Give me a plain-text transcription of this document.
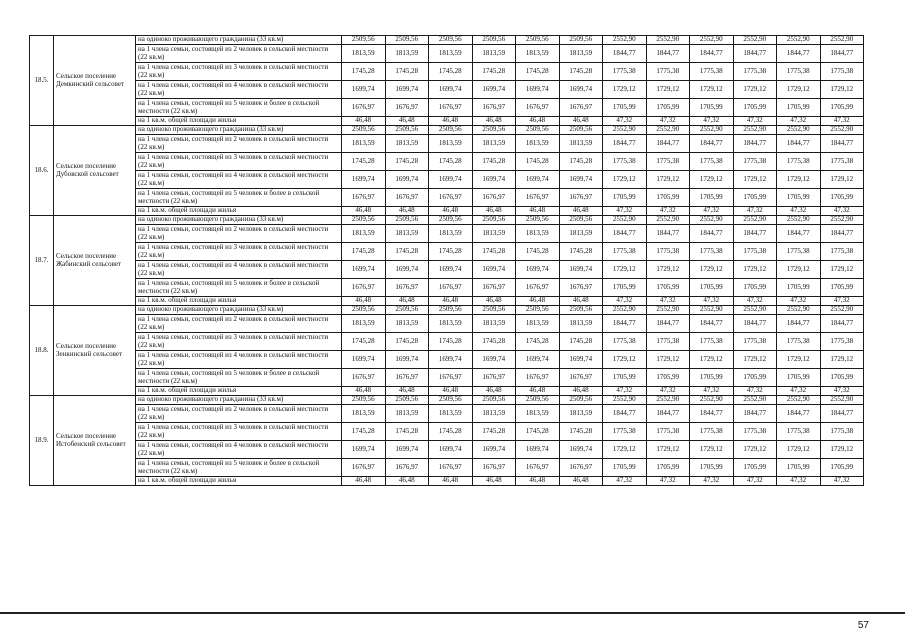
18.5.	Сельское поселение Демкинский сельсовет	на одиноко проживающего гражданина (33 кв.м)	2509,56	2509,56	2509,56	2509,56	2509,56	2509,56	2552,90	2552,90	2552,90	2552,90	2552,90	2552,90
		на 1 члена семьи, состоящей из 2 человек в сельской местности (22 кв.м)	1813,59	1813,59	1813,59	1813,59	1813,59	1813,59	1844,77	1844,77	1844,77	1844,77	1844,77	1844,77
		на 1 члена семьи, состоящей из 3 человек в сельской местности (22 кв.м)	1745,28	1745,28	1745,28	1745,28	1745,28	1745,28	1775,38	1775,38	1775,38	1775,38	1775,38	1775,38
		на 1 члена семьи, состоящей из 4 человек в сельской местности (22 кв.м)	1699,74	1699,74	1699,74	1699,74	1699,74	1699,74	1729,12	1729,12	1729,12	1729,12	1729,12	1729,12
		на 1 члена семьи, состоящей из 5 человек и более в сельской местности (22 кв.м)	1676,97	1676,97	1676,97	1676,97	1676,97	1676,97	1705,99	1705,99	1705,99	1705,99	1705,99	1705,99
		на 1 кв.м. общей площади жилья	46,48	46,48	46,48	46,48	46,48	46,48	47,32	47,32	47,32	47,32	47,32	47,32
18.6.	Сельское поселение Дубовской сельсовет	на одиноко проживающего гражданина (33 кв.м)	2509,56	2509,56	2509,56	2509,56	2509,56	2509,56	2552,90	2552,90	2552,90	2552,90	2552,90	2552,90
		на 1 члена семьи, состоящей из 2 человек в сельской местности (22 кв.м)	1813,59	1813,59	1813,59	1813,59	1813,59	1813,59	1844,77	1844,77	1844,77	1844,77	1844,77	1844,77
		на 1 члена семьи, состоящей из 3 человек в сельской местности (22 кв.м)	1745,28	1745,28	1745,28	1745,28	1745,28	1745,28	1775,38	1775,38	1775,38	1775,38	1775,38	1775,38
		на 1 члена семьи, состоящей из 4 человек в сельской местности (22 кв.м)	1699,74	1699,74	1699,74	1699,74	1699,74	1699,74	1729,12	1729,12	1729,12	1729,12	1729,12	1729,12
		на 1 члена семьи, состоящей из 5 человек и более в сельской местности (22 кв.м)	1676,97	1676,97	1676,97	1676,97	1676,97	1676,97	1705,99	1705,99	1705,99	1705,99	1705,99	1705,99
		на 1 кв.м. общей площади жилья	46,48	46,48	46,48	46,48	46,48	46,48	47,32	47,32	47,32	47,32	47,32	47,32
18.7.	Сельское поселение Жабинский сельсовет	на одиноко проживающего гражданина (33 кв.м)	2509,56	2509,56	2509,56	2509,56	2509,56	2509,56	2552,90	2552,90	2552,90	2552,90	2552,90	2552,90
		на 1 члена семьи, состоящей из 2 человек в сельской местности (22 кв.м)	1813,59	1813,59	1813,59	1813,59	1813,59	1813,59	1844,77	1844,77	1844,77	1844,77	1844,77	1844,77
		на 1 члена семьи, состоящей из 3 человек в сельской местности (22 кв.м)	1745,28	1745,28	1745,28	1745,28	1745,28	1745,28	1775,38	1775,38	1775,38	1775,38	1775,38	1775,38
		на 1 члена семьи, состоящей из 4 человек в сельской местности (22 кв.м)	1699,74	1699,74	1699,74	1699,74	1699,74	1699,74	1729,12	1729,12	1729,12	1729,12	1729,12	1729,12
		на 1 члена семьи, состоящей из 5 человек и более в сельской местности (22 кв.м)	1676,97	1676,97	1676,97	1676,97	1676,97	1676,97	1705,99	1705,99	1705,99	1705,99	1705,99	1705,99
		на 1 кв.м. общей площади жилья	46,48	46,48	46,48	46,48	46,48	46,48	47,32	47,32	47,32	47,32	47,32	47,32
18.8.	Сельское поселение Зенкинский сельсовет	на одиноко проживающего гражданина (33 кв.м)	2509,56	2509,56	2509,56	2509,56	2509,56	2509,56	2552,90	2552,90	2552,90	2552,90	2552,90	2552,90
		на 1 члена семьи, состоящей из 2 человек в сельской местности (22 кв.м)	1813,59	1813,59	1813,59	1813,59	1813,59	1813,59	1844,77	1844,77	1844,77	1844,77	1844,77	1844,77
		на 1 члена семьи, состоящей из 3 человек в сельской местности (22 кв.м)	1745,28	1745,28	1745,28	1745,28	1745,28	1745,28	1775,38	1775,38	1775,38	1775,38	1775,38	1775,38
		на 1 члена семьи, состоящей из 4 человек в сельской местности (22 кв.м)	1699,74	1699,74	1699,74	1699,74	1699,74	1699,74	1729,12	1729,12	1729,12	1729,12	1729,12	1729,12
		на 1 члена семьи, состоящей из 5 человек и более в сельской местности (22 кв.м)	1676,97	1676,97	1676,97	1676,97	1676,97	1676,97	1705,99	1705,99	1705,99	1705,99	1705,99	1705,99
		на 1 кв.м. общей площади жилья	46,48	46,48	46,48	46,48	46,48	46,48	47,32	47,32	47,32	47,32	47,32	47,32
18.9.	Сельское поселение Истобенский сельсовет	на одиноко проживающего гражданина (33 кв.м)	2509,56	2509,56	2509,56	2509,56	2509,56	2509,56	2552,90	2552,90	2552,90	2552,90	2552,90	2552,90
		на 1 члена семьи, состоящей из 2 человек в сельской местности (22 кв.м)	1813,59	1813,59	1813,59	1813,59	1813,59	1813,59	1844,77	1844,77	1844,77	1844,77	1844,77	1844,77
		на 1 члена семьи, состоящей из 3 человек в сельской местности (22 кв.м)	1745,28	1745,28	1745,28	1745,28	1745,28	1745,28	1775,38	1775,38	1775,38	1775,38	1775,38	1775,38
		на 1 члена семьи, состоящей из 4 человек в сельской местности (22 кв.м)	1699,74	1699,74	1699,74	1699,74	1699,74	1699,74	1729,12	1729,12	1729,12	1729,12	1729,12	1729,12
		на 1 члена семьи, состоящей из 5 человек и более в сельской местности (22 кв.м)	1676,97	1676,97	1676,97	1676,97	1676,97	1676,97	1705,99	1705,99	1705,99	1705,99	1705,99	1705,99
		на 1 кв.м. общей площади жилья	46,48	46,48	46,48	46,48	46,48	46,48	47,32	47,32	47,32	47,32	47,32	47,32
57
